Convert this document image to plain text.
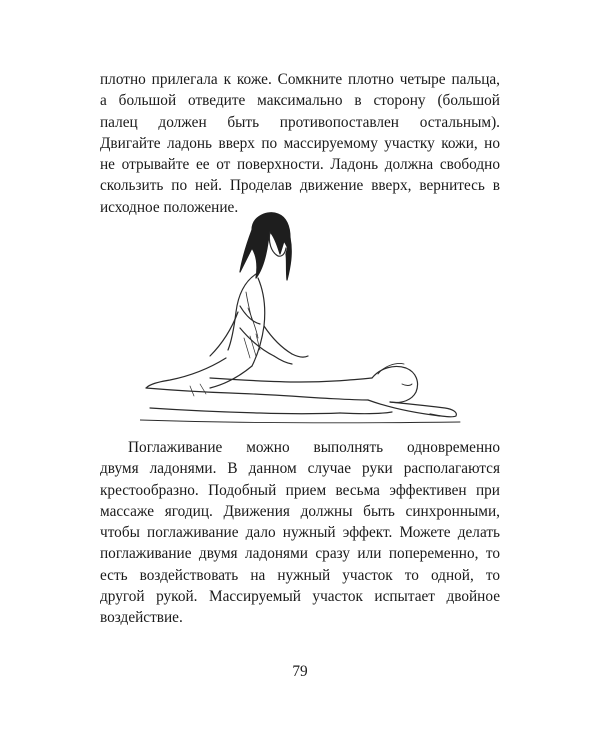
плотно прилегала к коже. Сомкните плотно четыре пальца,
а большой отведите максимально в сторону (большой
палец должен быть противопоставлен остальным).
Двигайте ладонь вверх по массируемому участку кожи, но
не отрывайте ее от поверхности. Ладонь должна свободно
скользить по ней. Проделав движение вверх, вернитесь в
исходное положение.

Поглаживание можно выполнять одновременно
двумя ладонями. В данном случае руки располагаются
крестообразно. Подобный прием весьма эффективен при
массаже ягодиц. Движения должны быть синхронными,
чтобы поглаживание дало нужный эффект. Можете делать
поглаживание двумя ладонями сразу или попеременно, то
есть воздействовать на нужный участок то одной, то
другой рукой. Массируемый участок испытает двойное
воздействие.

79
